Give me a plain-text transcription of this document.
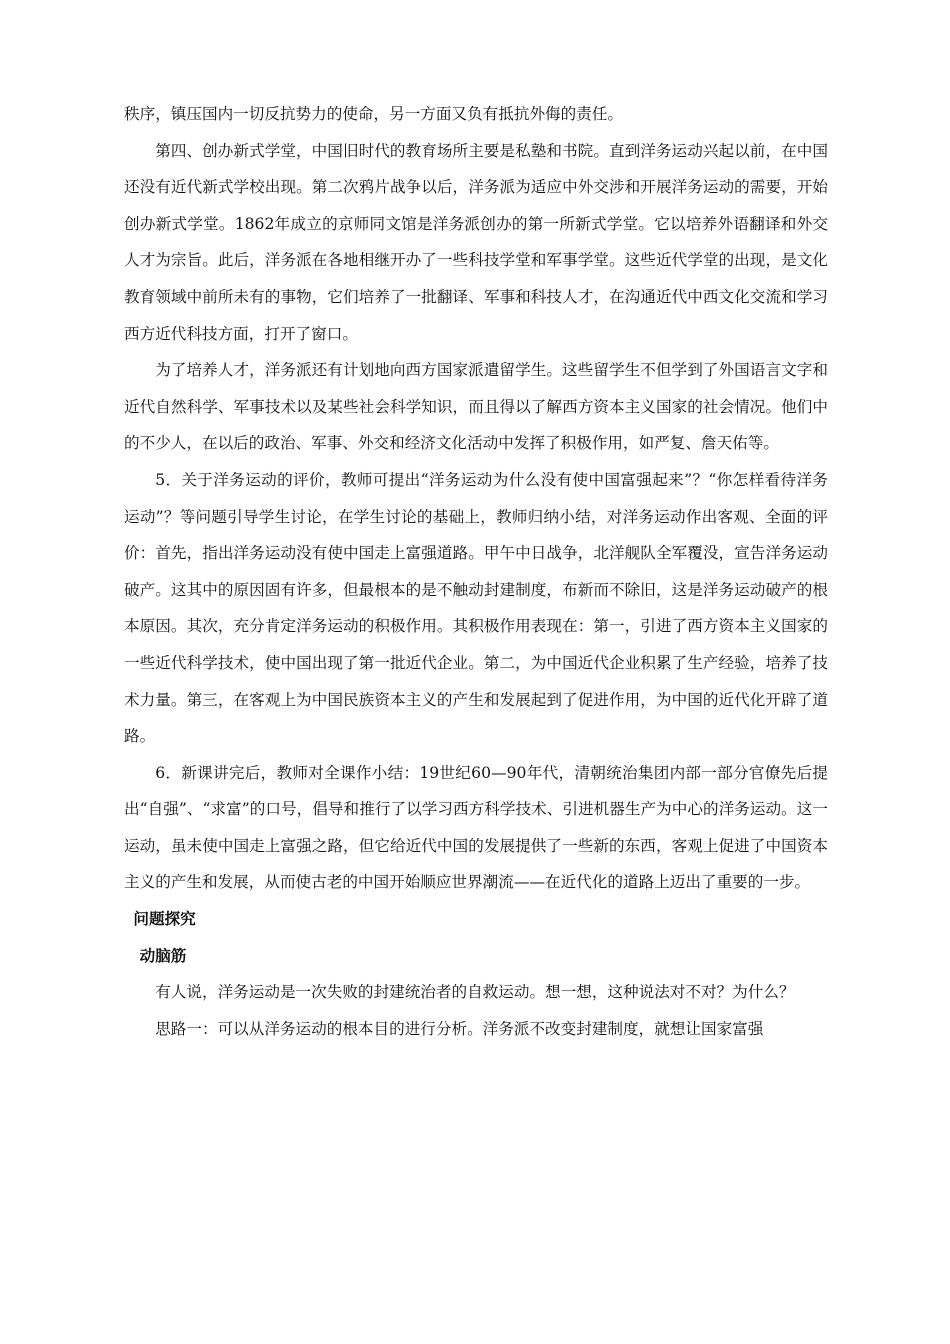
秩序，镇压国内一切反抗势力的使命，另一方面又负有抵抗外侮的责任。

第四、创办新式学堂，中国旧时代的教育场所主要是私塾和书院。直到洋务运动兴起以前，在中国还没有近代新式学校出现。第二次鸦片战争以后，洋务派为适应中外交涉和开展洋务运动的需要，开始创办新式学堂。1862年成立的京师同文馆是洋务派创办的第一所新式学堂。它以培养外语翻译和外交人才为宗旨。此后，洋务派在各地相继开办了一些科技学堂和军事学堂。这些近代学堂的出现，是文化教育领域中前所未有的事物，它们培养了一批翻译、军事和科技人才，在沟通近代中西文化交流和学习西方近代科技方面，打开了窗口。

为了培养人才，洋务派还有计划地向西方国家派遣留学生。这些留学生不但学到了外国语言文字和近代自然科学、军事技术以及某些社会科学知识，而且得以了解西方资本主义国家的社会情况。他们中的不少人，在以后的政治、军事、外交和经济文化活动中发挥了积极作用，如严复、詹天佑等。

5．关于洋务运动的评价，教师可提出“洋务运动为什么没有使中国富强起来”？“你怎样看待洋务运动”？等问题引导学生讨论，在学生讨论的基础上，教师归纳小结，对洋务运动作出客观、全面的评价：首先，指出洋务运动没有使中国走上富强道路。甲午中日战争，北洋舰队全军覆没，宣告洋务运动破产。这其中的原因固有许多，但最根本的是不触动封建制度，布新而不除旧，这是洋务运动破产的根本原因。其次，充分肯定洋务运动的积极作用。其积极作用表现在：第一，引进了西方资本主义国家的一些近代科学技术，使中国出现了第一批近代企业。第二，为中国近代企业积累了生产经验，培养了技术力量。第三，在客观上为中国民族资本主义的产生和发展起到了促进作用，为中国的近代化开辟了道路。

6．新课讲完后，教师对全课作小结：19世纪60—90年代，清朝统治集团内部一部分官僚先后提出“自强”、“求富”的口号，倡导和推行了以学习西方科学技术、引进机器生产为中心的洋务运动。这一运动，虽未使中国走上富强之路，但它给近代中国的发展提供了一些新的东西，客观上促进了中国资本主义的产生和发展，从而使古老的中国开始顺应世界潮流——在近代化的道路上迈出了重要的一步。

问题探究
动脑筋

有人说，洋务运动是一次失败的封建统治者的自救运动。想一想，这种说法对不对？为什么？

思路一：可以从洋务运动的根本目的进行分析。洋务派不改变封建制度，就想让国家富强
